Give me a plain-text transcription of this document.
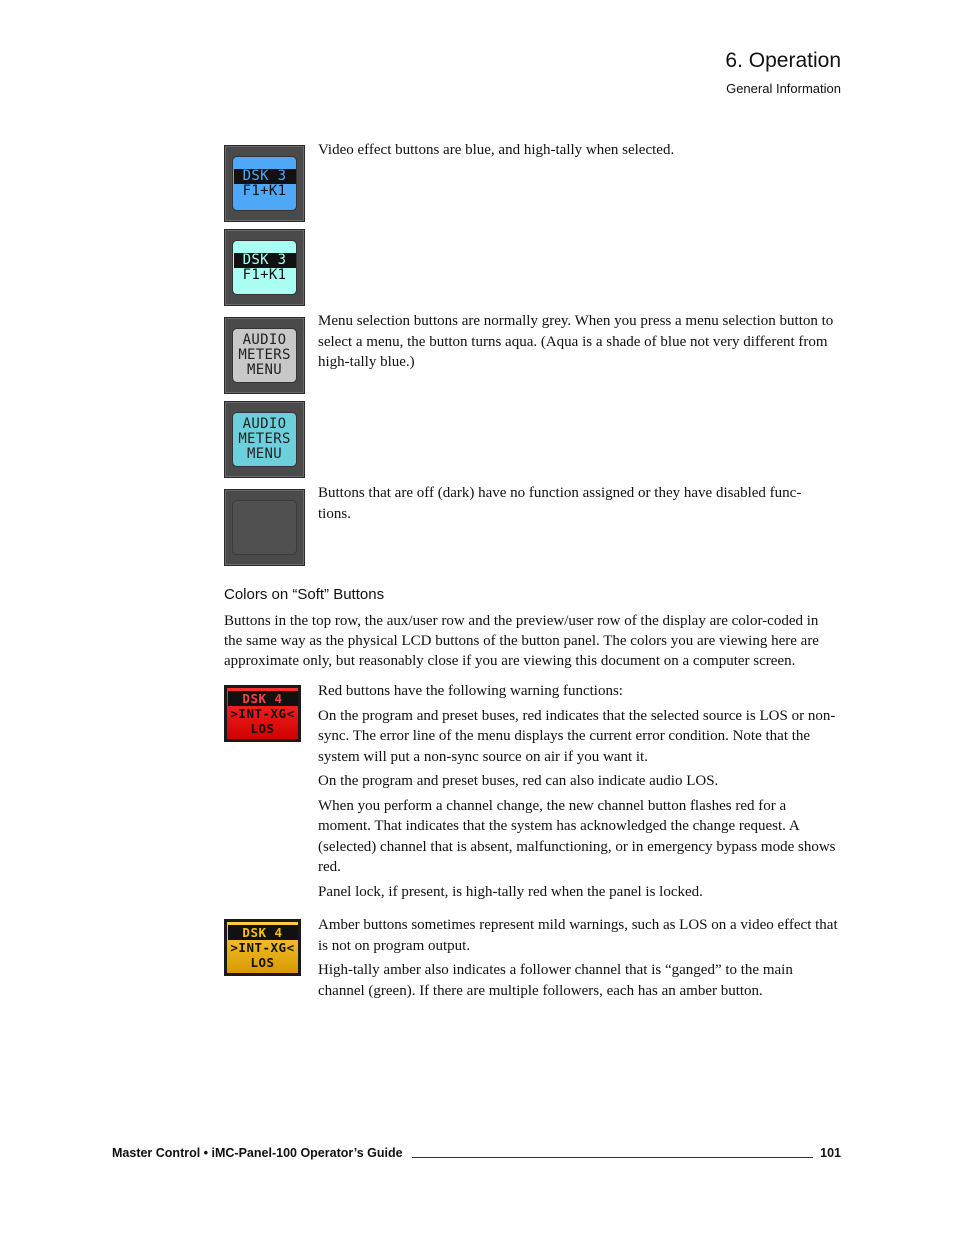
6. Operation
General Information
DSK 3
F1+K1
DSK 3
F1+K1
AUDIO
METERS
MENU
AUDIO
METERS
MENU

Video effect buttons are blue, and high-tally when selected.

Menu selection buttons are normally grey. When you press a menu selection button to select a menu, the button turns aqua. (Aqua is a shade of blue not very different from high-tally blue.)

Buttons that are off (dark) have no function assigned or they have disabled func- tions.

Colors on “Soft” Buttons
Buttons in the top row, the aux/user row and the preview/user row of the display are color-coded in the same way as the physical LCD buttons of the button panel. The colors you are viewing here are approximate only, but reasonably close if you are viewing this document on a computer screen.
DSK 4
>INT-XG<
LOS

Red buttons have the following warning functions:

On the program and preset buses, red indicates that the selected source is LOS or non-sync. The error line of the menu displays the current error condition. Note that the system will put a non-sync source on air if you want it.

On the program and preset buses, red can also indicate audio LOS.

When you perform a channel change, the new channel button flashes red for a moment. That indicates that the system has acknowledged the change request. A (selected) channel that is absent, malfunctioning, or in emergency bypass mode shows red.

Panel lock, if present, is high-tally red when the panel is locked.

DSK 4
>INT-XG<
LOS

Amber buttons sometimes represent mild warnings, such as LOS on a video effect that is not on program output.

High-tally amber also indicates a follower channel that is “ganged” to the main channel (green). If there are multiple followers, each has an amber button.

Master Control • iMC-Panel-100 Operator’s Guide	101
